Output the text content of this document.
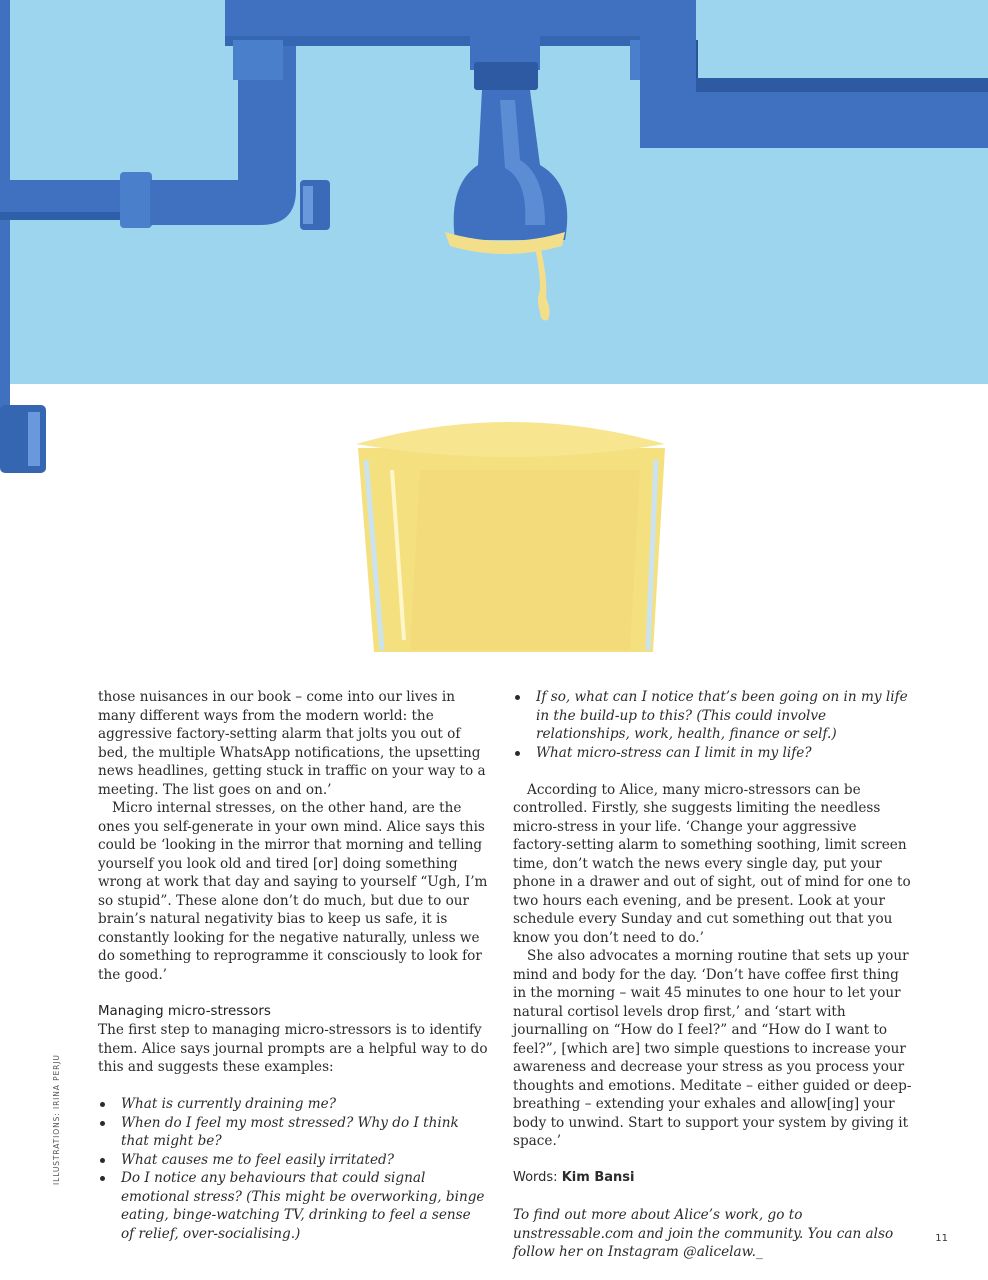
those nuisances in our book – come into our lives in many different ways from the modern world: the aggressive factory-setting alarm that jolts you out of bed, the multiple WhatsApp notifications, the upsetting news headlines, getting stuck in traffic on your way to a meeting. The list goes on and on.’

Micro internal stresses, on the other hand, are the ones you self-generate in your own mind. Alice says this could be ‘looking in the mirror that morning and telling yourself you look old and tired [or] doing something wrong at work that day and saying to yourself “Ugh, I’m so stupid”. These alone don’t do much, but due to our brain’s natural negativity bias to keep us safe, it is constantly looking for the negative naturally, unless we do something to reprogramme it consciously to look for the good.’

Managing micro-stressors

The first step to managing micro-stressors is to identify them. Alice says journal prompts are a helpful way to do this and suggests these examples:

What is currently draining me?
When do I feel my most stressed? Why do I think that might be?
What causes me to feel easily irritated?
Do I notice any behaviours that could signal emotional stress? (This might be overworking, binge eating, binge-watching TV, drinking to feel a sense of relief, over-socialising.)
If so, what can I notice that’s been going on in my life in the build-up to this? (This could involve relationships, work, health, finance or self.)
What micro-stress can I limit in my life?

According to Alice, many micro-stressors can be controlled. Firstly, she suggests limiting the needless micro-stress in your life. ‘Change your aggressive factory-setting alarm to something soothing, limit screen time, don’t watch the news every single day, put your phone in a drawer and out of sight, out of mind for one to two hours each evening, and be present. Look at your schedule every Sunday and cut something out that you know you don’t need to do.’

She also advocates a morning routine that sets up your mind and body for the day. ‘Don’t have coffee first thing in the morning – wait 45 minutes to one hour to let your natural cortisol levels drop first,’ and ‘start with journalling on “How do I feel?” and “How do I want to feel?”, [which are] two simple questions to increase your awareness and decrease your stress as you process your thoughts and emotions. Meditate – either guided or deep-breathing – extending your exhales and allow[ing] your body to unwind. Start to support your system by giving it space.’

Words: Kim Bansi

To find out more about Alice’s work, go to unstressable.com and join the community. You can also follow her on Instagram @alicelaw._

ILLUSTRATIONS: IRINA PERJU
11
